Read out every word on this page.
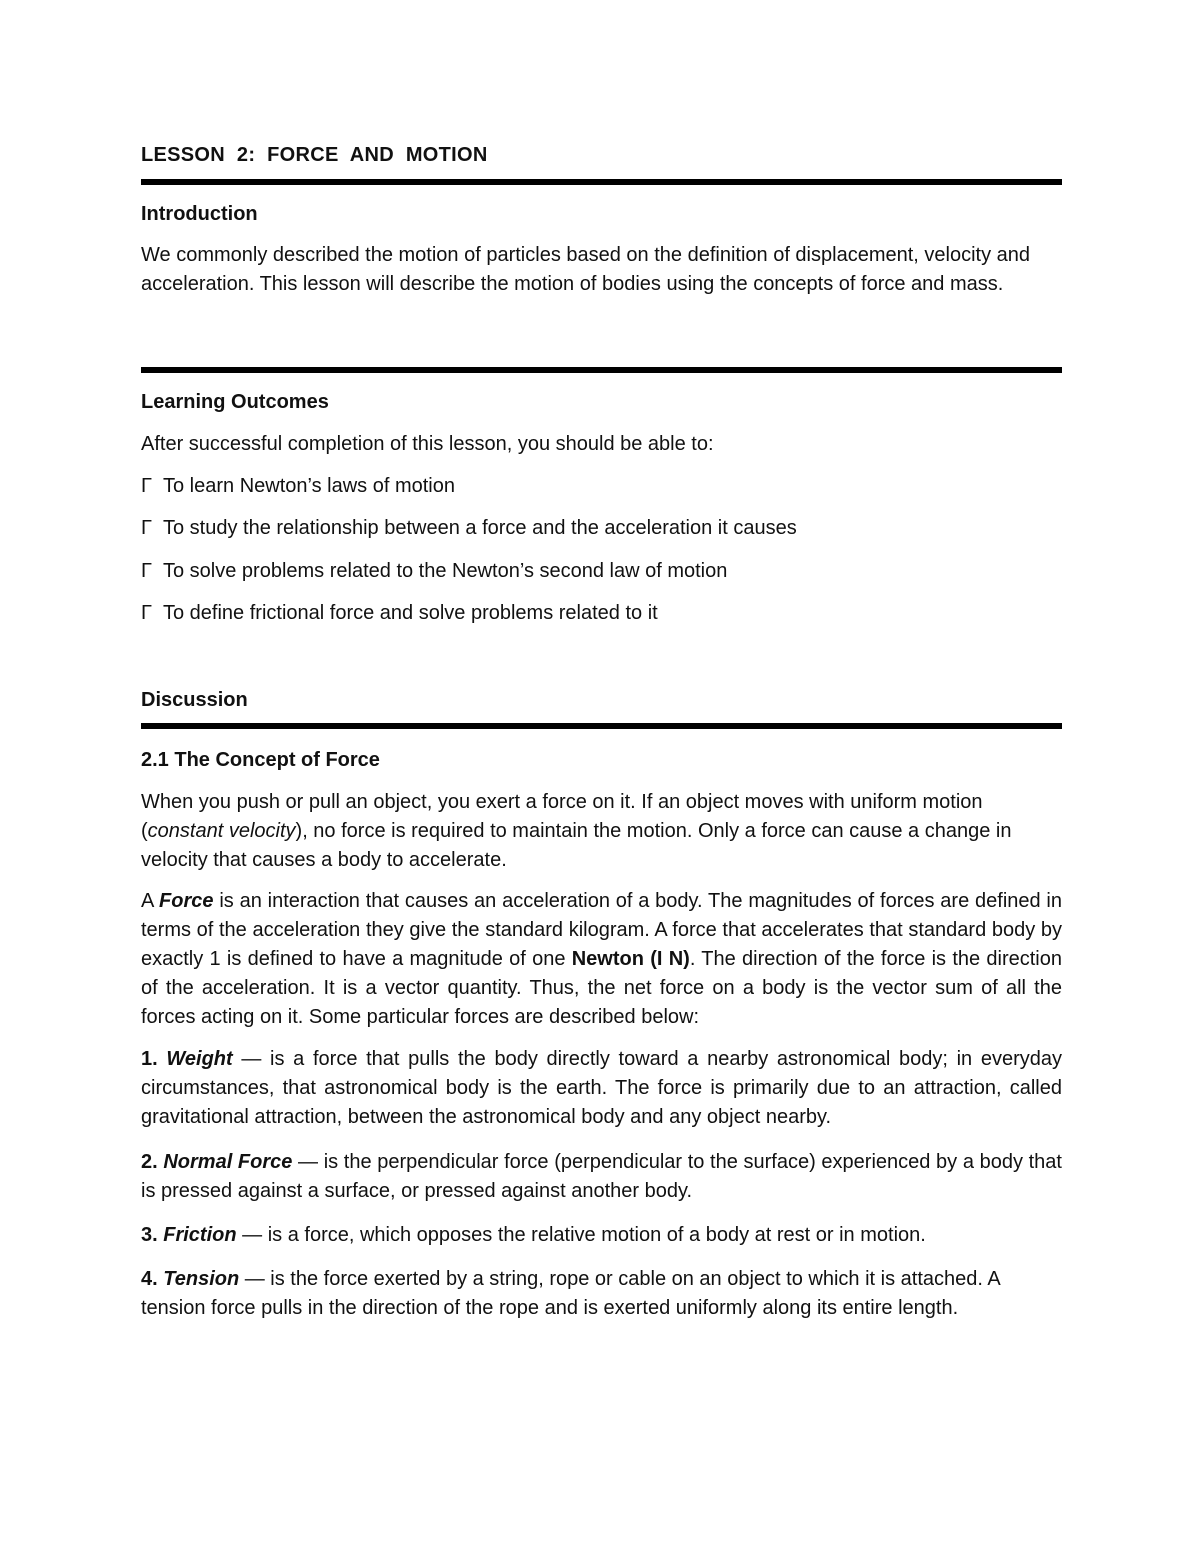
LESSON 2: FORCE AND MOTION
Introduction

We commonly described the motion of particles based on the definition of displacement, velocity and acceleration. This lesson will describe the motion of bodies using the concepts of force and mass.

Learning Outcomes
After successful completion of this lesson, you should be able to:
Γ To learn Newton’s laws of motion
Γ To study the relationship between a force and the acceleration it causes
Γ To solve problems related to the Newton’s second law of motion
Γ To define frictional force and solve problems related to it
Discussion
2.1 The Concept of Force

When you push or pull an object, you exert a force on it. If an object moves with uniform motion (constant velocity), no force is required to maintain the motion. Only a force can cause a change in velocity that causes a body to accelerate.

A Force is an interaction that causes an acceleration of a body. The magnitudes of forces are defined in terms of the acceleration they give the standard kilogram. A force that accelerates that standard body by exactly 1 is defined to have a magnitude of one Newton (I N). The direction of the force is the direction of the acceleration. It is a vector quantity. Thus, the net force on a body is the vector sum of all the forces acting on it. Some particular forces are described below:

1. Weight — is a force that pulls the body directly toward a nearby astronomical body; in everyday circumstances, that astronomical body is the earth. The force is primarily due to an attraction, called gravitational attraction, between the astronomical body and any object nearby.

2. Normal Force — is the perpendicular force (perpendicular to the surface) experienced by a body that is pressed against a surface, or pressed against another body.

3. Friction — is a force, which opposes the relative motion of a body at rest or in motion.

4. Tension — is the force exerted by a string, rope or cable on an object to which it is attached. A tension force pulls in the direction of the rope and is exerted uniformly along its entire length.
